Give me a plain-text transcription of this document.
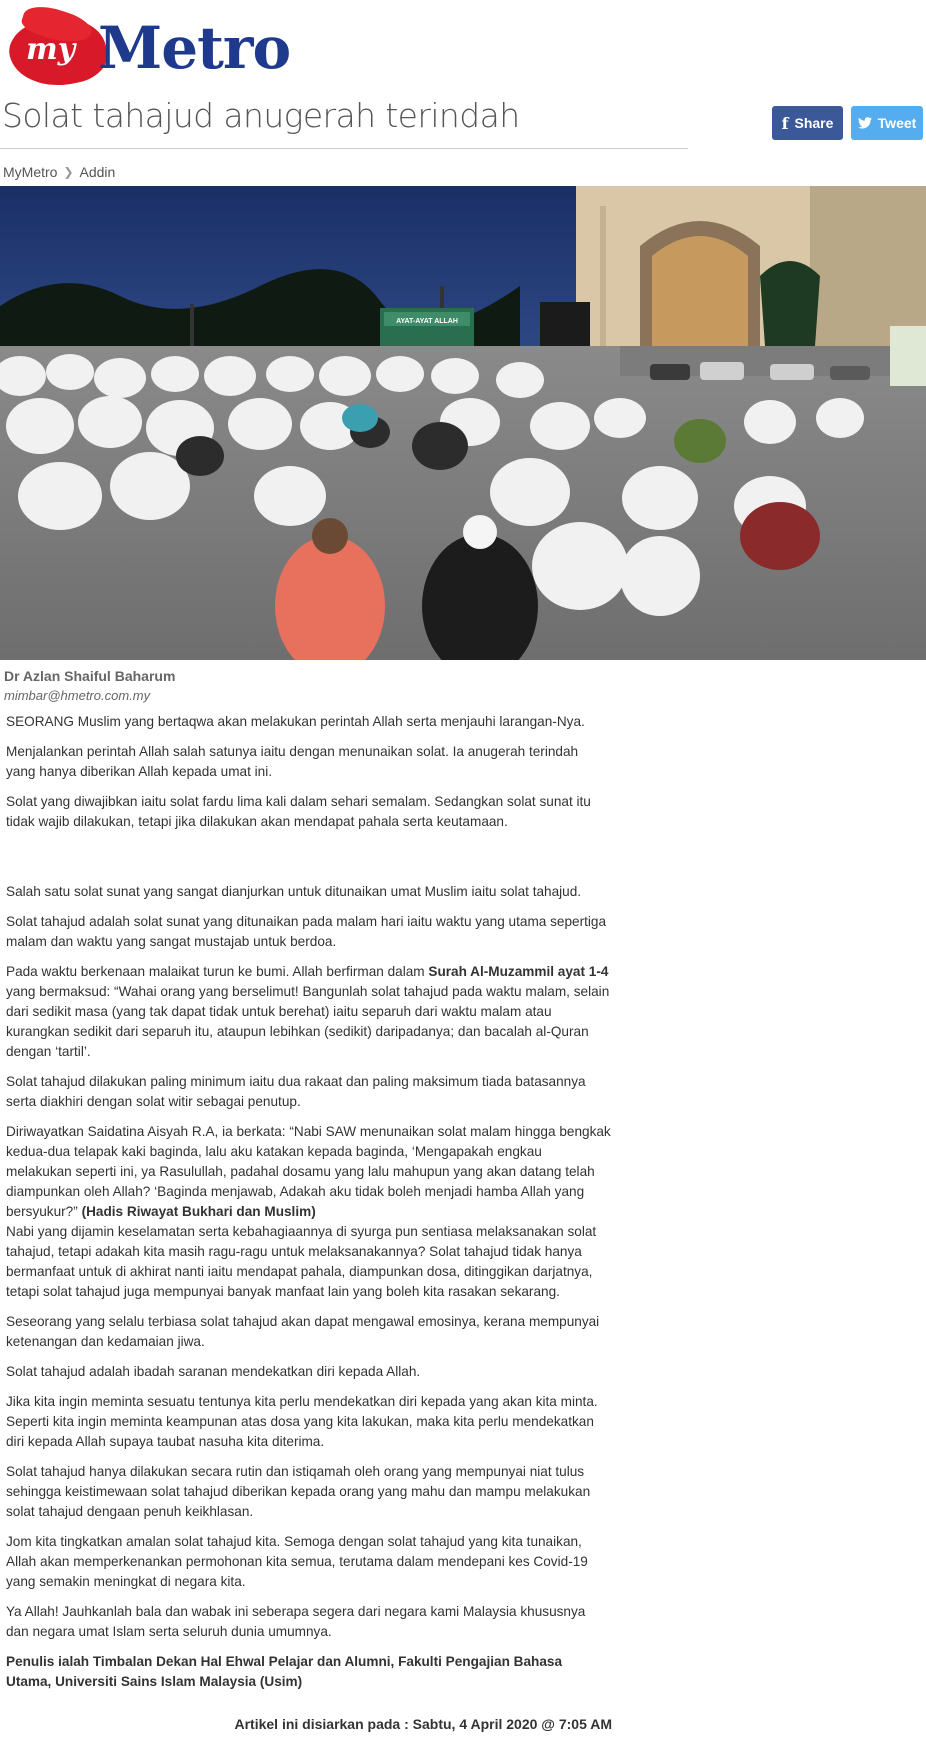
my Metro
Solat tahajud anugerah terindah	f Share	Tweet
MyMetro ❯ Addin
AYAT-AYAT ALLAH
Dr Azlan Shaiful Baharum
mimbar@hmetro.com.my

SEORANG Muslim yang bertaqwa akan melakukan perintah Allah serta menjauhi larangan-Nya.

Menjalankan perintah Allah salah satunya iaitu dengan menunaikan solat. Ia anugerah terindah yang hanya diberikan Allah kepada umat ini.

Solat yang diwajibkan iaitu solat fardu lima kali dalam sehari semalam. Sedangkan solat sunat itu tidak wajib dilakukan, tetapi jika dilakukan akan mendapat pahala serta keutamaan.

Salah satu solat sunat yang sangat dianjurkan untuk ditunaikan umat Muslim iaitu solat tahajud.

Solat tahajud adalah solat sunat yang ditunaikan pada malam hari iaitu waktu yang utama sepertiga malam dan waktu yang sangat mustajab untuk berdoa.

Pada waktu berkenaan malaikat turun ke bumi. Allah berfirman dalam Surah Al-Muzammil ayat 1-4 yang bermaksud: “Wahai orang yang berselimut! Bangunlah solat tahajud pada waktu malam, selain dari sedikit masa (yang tak dapat tidak untuk berehat) iaitu separuh dari waktu malam atau kurangkan sedikit dari separuh itu, ataupun lebihkan (sedikit) daripadanya; dan bacalah al-Quran dengan ‘tartil’.

Solat tahajud dilakukan paling minimum iaitu dua rakaat dan paling maksimum tiada batasannya serta diakhiri dengan solat witir sebagai penutup.

Diriwayatkan Saidatina Aisyah R.A, ia berkata: “Nabi SAW menunaikan solat malam hingga bengkak kedua-dua telapak kaki baginda, lalu aku katakan kepada baginda, ‘Mengapakah engkau melakukan seperti ini, ya Rasulullah, padahal dosamu yang lalu mahupun yang akan datang telah diampunkan oleh Allah? ‘Baginda menjawab, Adakah aku tidak boleh menjadi hamba Allah yang bersyukur?” (Hadis Riwayat Bukhari dan Muslim)
Nabi yang dijamin keselamatan serta kebahagiaannya di syurga pun sentiasa melaksanakan solat tahajud, tetapi adakah kita masih ragu-ragu untuk melaksanakannya? Solat tahajud tidak hanya bermanfaat untuk di akhirat nanti iaitu mendapat pahala, diampunkan dosa, ditinggikan darjatnya, tetapi solat tahajud juga mempunyai banyak manfaat lain yang boleh kita rasakan sekarang.

Seseorang yang selalu terbiasa solat tahajud akan dapat mengawal emosinya, kerana mempunyai ketenangan dan kedamaian jiwa.

Solat tahajud adalah ibadah saranan mendekatkan diri kepada Allah.

Jika kita ingin meminta sesuatu tentunya kita perlu mendekatkan diri kepada yang akan kita minta. Seperti kita ingin meminta keampunan atas dosa yang kita lakukan, maka kita perlu mendekatkan diri kepada Allah supaya taubat nasuha kita diterima.

Solat tahajud hanya dilakukan secara rutin dan istiqamah oleh orang yang mempunyai niat tulus sehingga keistimewaan solat tahajud diberikan kepada orang yang mahu dan mampu melakukan solat tahajud dengaan penuh keikhlasan.

Jom kita tingkatkan amalan solat tahajud kita. Semoga dengan solat tahajud yang kita tunaikan, Allah akan memperkenankan permohonan kita semua, terutama dalam mendepani kes Covid-19 yang semakin meningkat di negara kita.

Ya Allah! Jauhkanlah bala dan wabak ini seberapa segera dari negara kami Malaysia khususnya dan negara umat Islam serta seluruh dunia umumnya.

Penulis ialah Timbalan Dekan Hal Ehwal Pelajar dan Alumni, Fakulti Pengajian Bahasa Utama, Universiti Sains Islam Malaysia (Usim)

Artikel ini disiarkan pada : Sabtu, 4 April 2020 @ 7:05 AM
